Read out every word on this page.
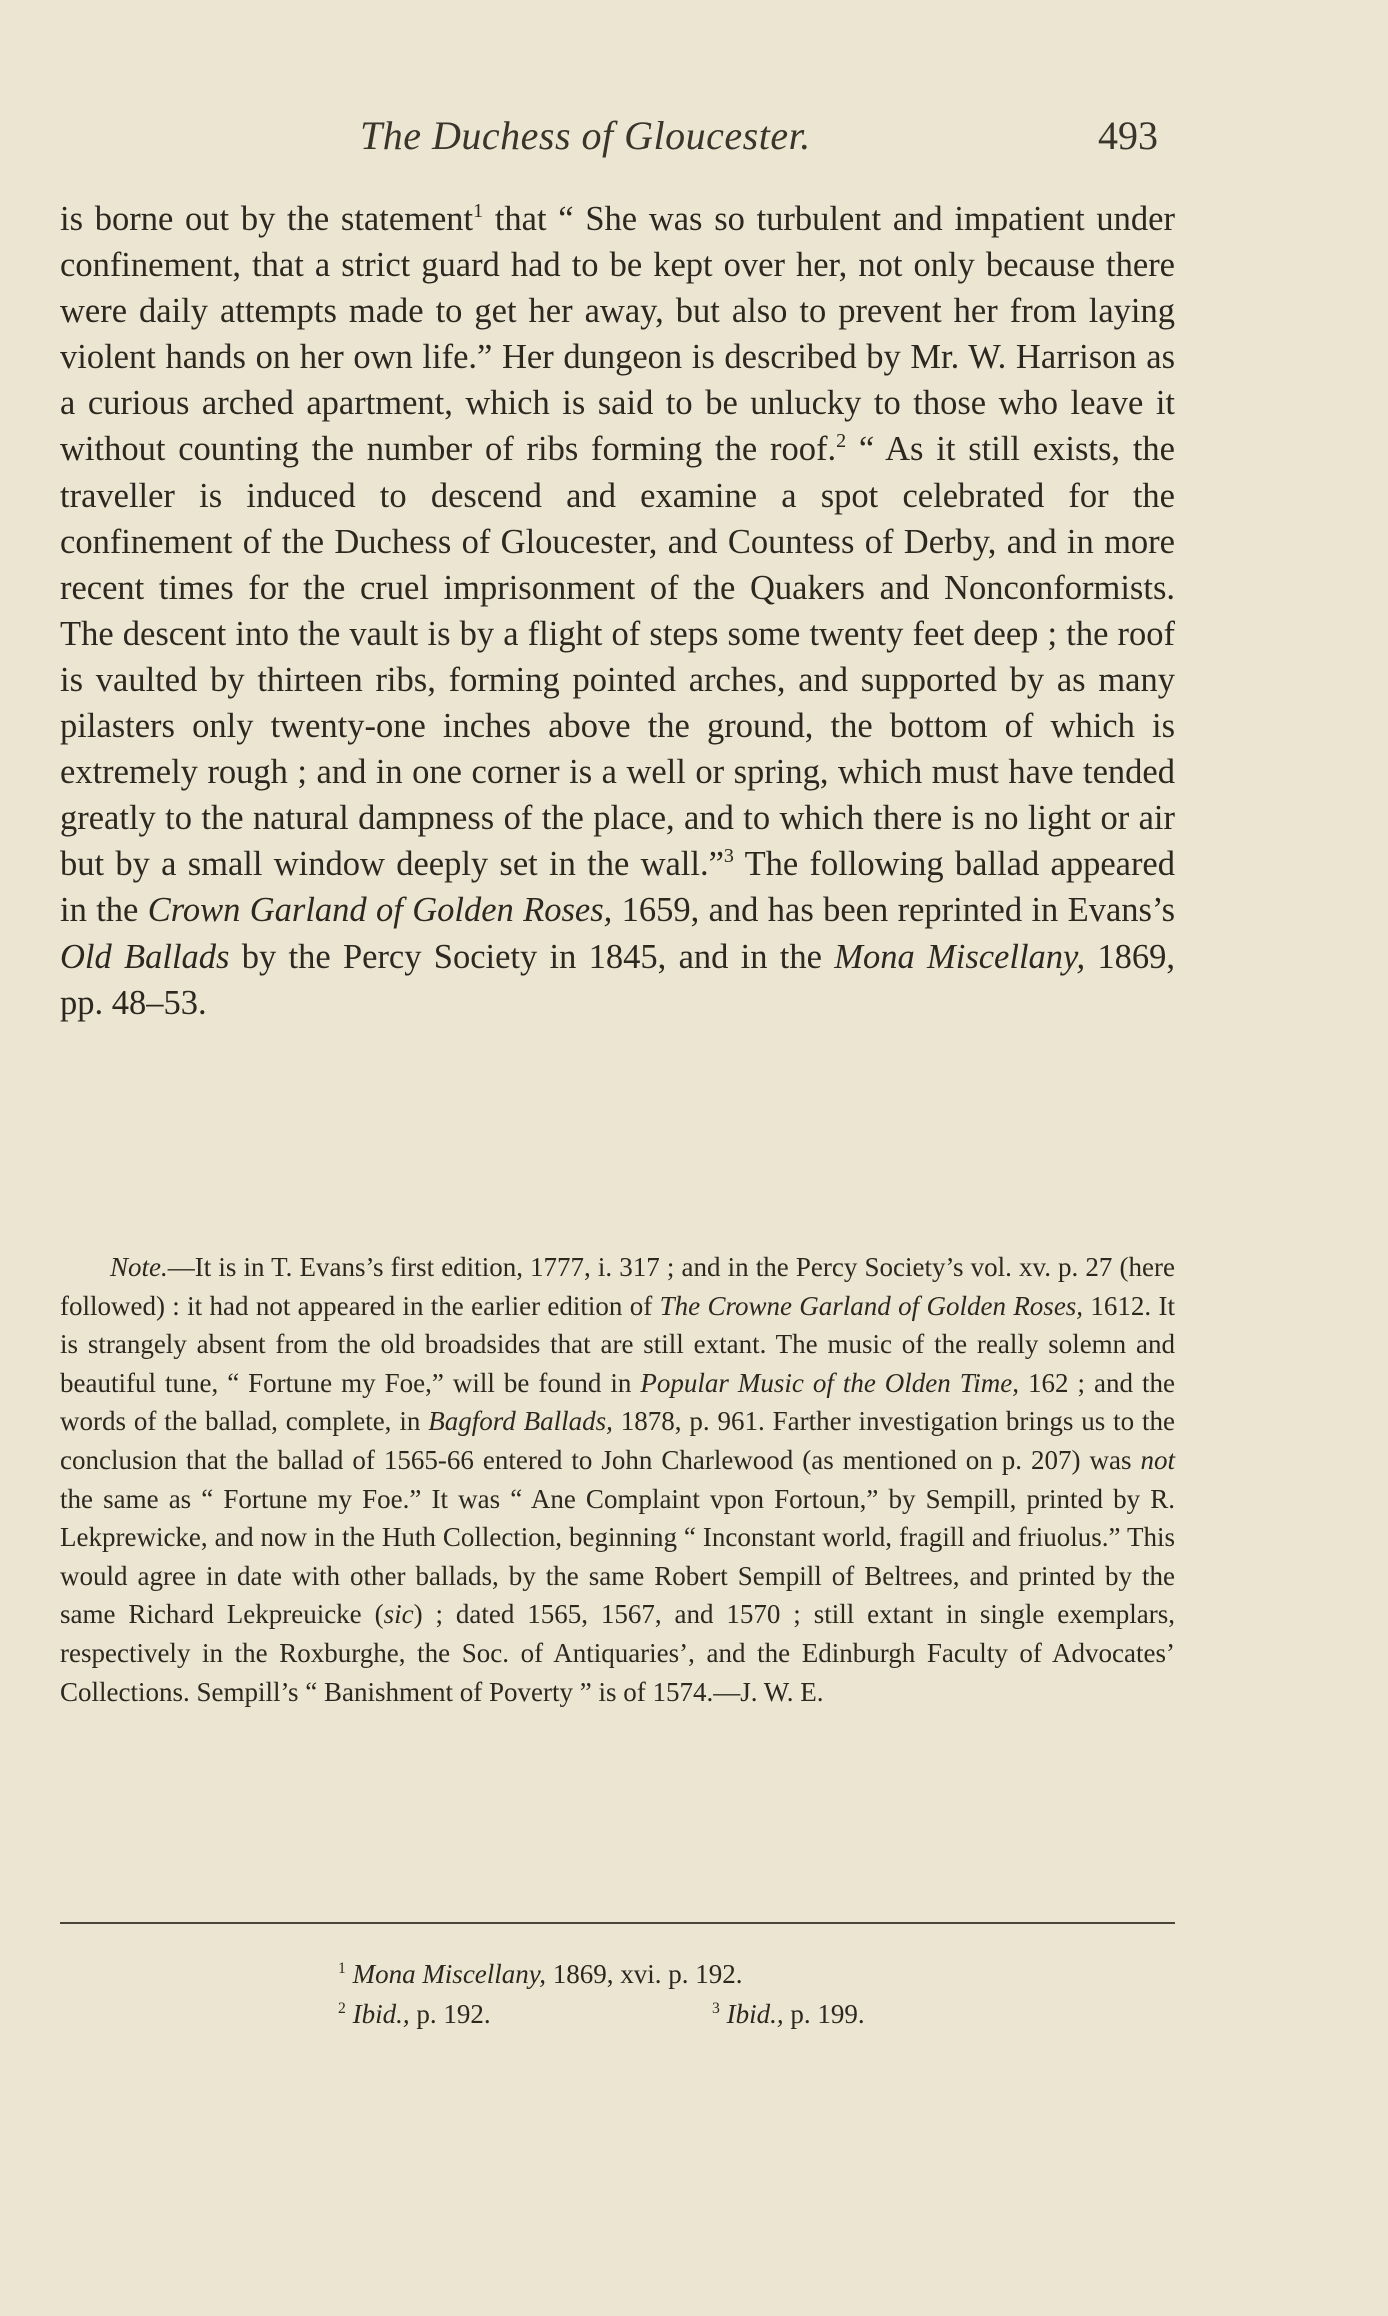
The Duchess of Gloucester.	493

is borne out by the statement$^1$ that “ She was so turbulent and impatient under confinement, that a strict guard had to be kept over her, not only because there were daily attempts made to get her away, but also to prevent her from laying violent hands on her own life.” Her dungeon is described by Mr. W. Harrison as a curious arched apartment, which is said to be unlucky to those who leave it without counting the number of ribs forming the roof.$^2$ “ As it still exists, the traveller is induced to descend and examine a spot celebrated for the confinement of the Duchess of Gloucester, and Countess of Derby, and in more recent times for the cruel imprisonment of the Quakers and Nonconformists. The descent into the vault is by a flight of steps some twenty feet deep ; the roof is vaulted by thirteen ribs, forming pointed arches, and supported by as many pilasters only twenty-one inches above the ground, the bottom of which is extremely rough ; and in one corner is a well or spring, which must have tended greatly to the natural dampness of the place, and to which there is no light or air but by a small window deeply set in the wall.”$^3$ The following ballad appeared in the Crown Garland of Golden Roses, 1659, and has been reprinted in Evans’s Old Ballads by the Percy Society in 1845, and in the Mona Miscellany, 1869, pp. 48–53.

Note.—It is in T. Evans’s first edition, 1777, i. 317 ; and in the Percy Society’s vol. xv. p. 27 (here followed) : it had not appeared in the earlier edition of The Crowne Garland of Golden Roses, 1612. It is strangely absent from the old broadsides that are still extant. The music of the really solemn and beautiful tune, “ Fortune my Foe,” will be found in Popular Music of the Olden Time, 162 ; and the words of the ballad, complete, in Bagford Ballads, 1878, p. 961. Farther investigation brings us to the conclusion that the ballad of 1565-66 entered to John Charlewood (as mentioned on p. 207) was not the same as “ Fortune my Foe.” It was “ Ane Complaint vpon Fortoun,” by Sempill, printed by R. Lekprewicke, and now in the Huth Collection, beginning “ Inconstant world, fragill and friuolus.” This would agree in date with other ballads, by the same Robert Sempill of Beltrees, and printed by the same Richard Lekpreuicke (sic) ; dated 1565, 1567, and 1570 ; still extant in single exemplars, respectively in the Roxburghe, the Soc. of Antiquaries’, and the Edinburgh Faculty of Advocates’ Collections. Sempill’s “ Banishment of Poverty ” is of 1574.—J. W. E.

$^1$ Mona Miscellany, 1869, xvi. p. 192.
$^2$ Ibid., p. 192.	$^3$ Ibid., p. 199.
